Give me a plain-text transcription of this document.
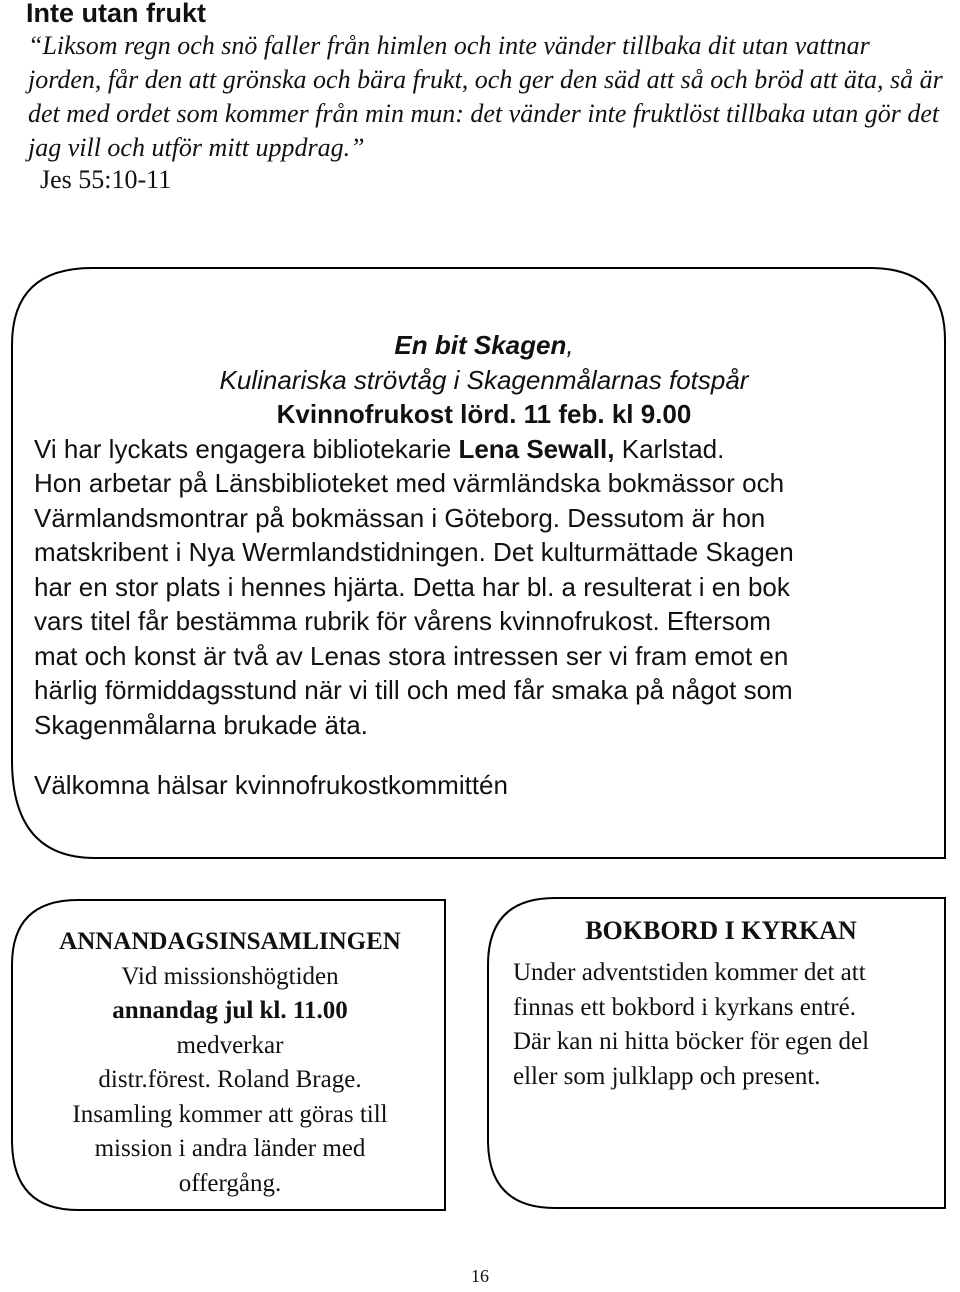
Inte utan frukt

“Liksom regn och snö faller från himlen och inte vänder tillbaka dit utan vattnar jorden, får den att grönska och bära frukt, och ger den säd att så och bröd att äta, så är det med ordet som kommer från min mun: det vänder inte fruktlöst tillbaka utan gör det jag vill och utför mitt uppdrag.”

Jes 55:10-11

En bit Skagen,

Kulinariska strövtåg i Skagenmålarnas fotspår

Kvinnofrukost lörd. 11 feb. kl 9.00

Vi har lyckats engagera bibliotekarie Lena Sewall, Karlstad.

Hon arbetar på Länsbiblioteket med värmländska bokmässor och
Värmlandsmontrar på bokmässan i Göteborg. Dessutom är hon
matskribent i Nya Wermlandstidningen. Det kulturmättade Skagen
har en stor plats i hennes hjärta. Detta har bl. a resulterat i en bok
vars titel får bestämma rubrik för vårens kvinnofrukost. Eftersom
mat och konst är två av Lenas stora intressen ser vi fram emot en
härlig förmiddagsstund när vi till och med får smaka på något som
Skagenmålarna brukade äta.

Välkomna hälsar kvinnofrukostkommittén

ANNANDAGSINSAMLINGEN

Vid missionshögtiden

annandag jul kl. 11.00

medverkar

distr.förest. Roland Brage.

Insamling kommer att göras till

mission i andra länder med

offergång.

BOKBORD I KYRKAN

Under adventstiden kommer det att
finnas ett bokbord i kyrkans entré.
Där kan ni hitta böcker för egen del
eller som julklapp och present.

16
